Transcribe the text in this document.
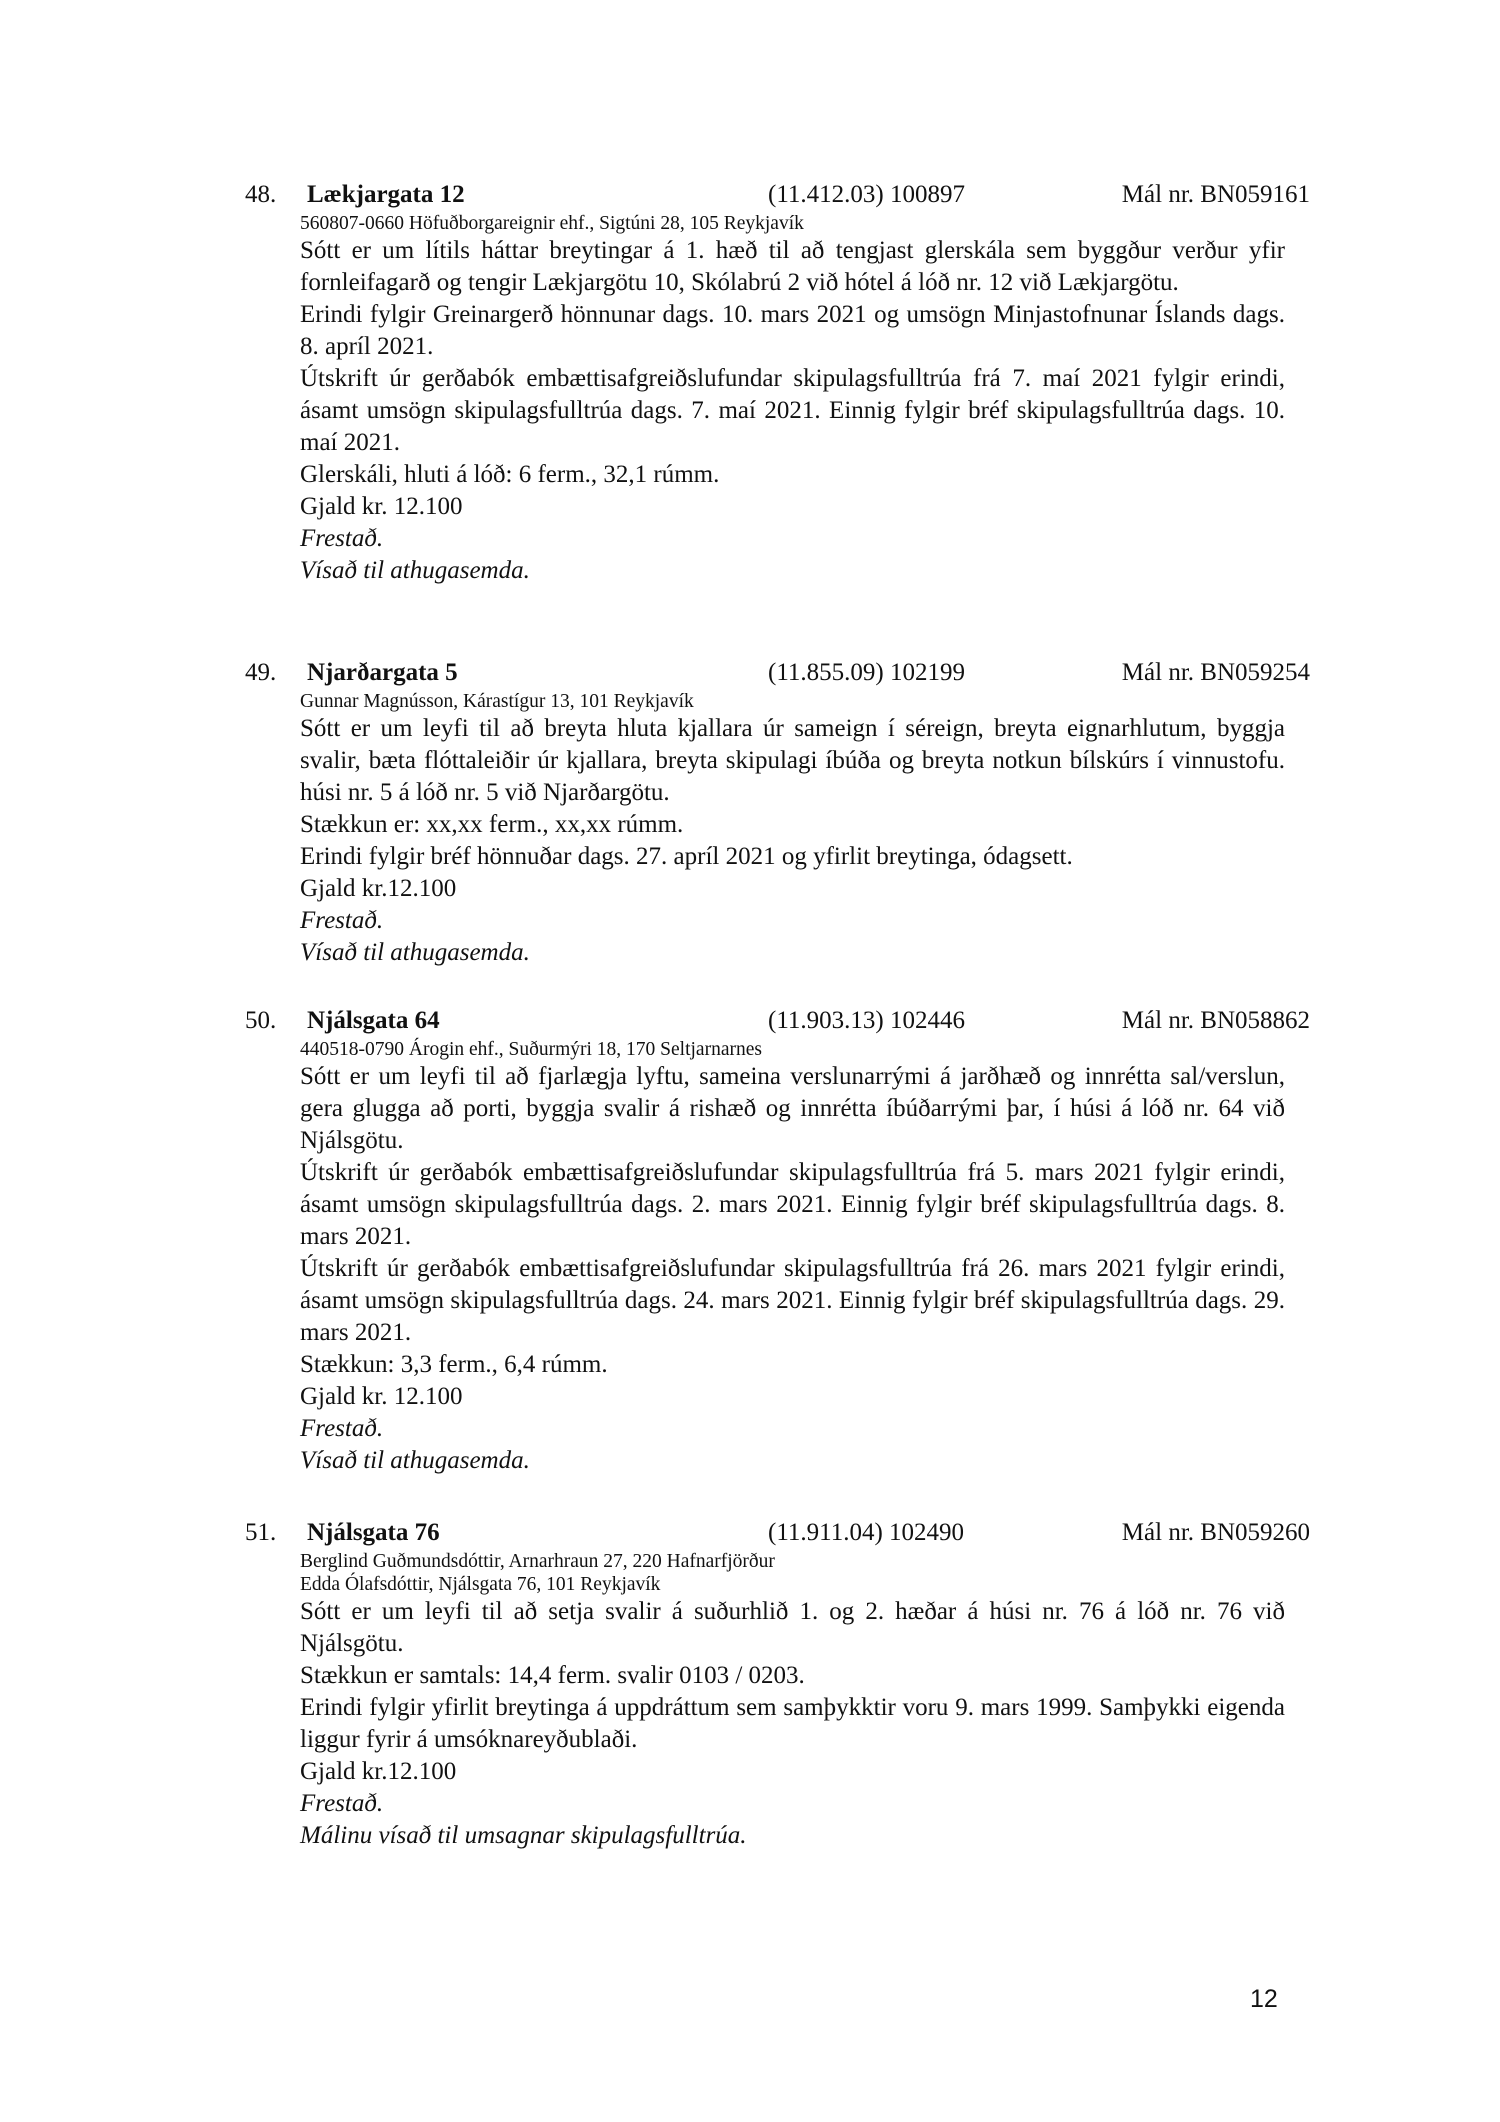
48. Lækjargata 12	(11.412.03) 100897	Mál nr. BN059161
560807-0660 Höfuðborgareignir ehf., Sigtúni 28, 105 Reykjavík
Sótt er um lítils háttar breytingar á 1. hæð til að tengjast glerskála sem byggður verður yfir fornleifagarð og tengir Lækjargötu 10, Skólabrú 2 við hótel á lóð nr. 12 við Lækjargötu.
Erindi fylgir Greinargerð hönnunar dags. 10. mars 2021 og umsögn Minjastofnunar Íslands dags. 8. apríl 2021.
Útskrift úr gerðabók embættisafgreiðslufundar skipulagsfulltrúa frá 7. maí 2021 fylgir erindi, ásamt umsögn skipulagsfulltrúa dags. 7. maí 2021. Einnig fylgir bréf skipulagsfulltrúa dags. 10. maí 2021.
Glerskáli, hluti á lóð: 6 ferm., 32,1 rúmm.
Gjald kr. 12.100
Frestað.
Vísað til athugasemda.
49. Njarðargata 5	(11.855.09) 102199	Mál nr. BN059254
Gunnar Magnússon, Kárastígur 13, 101 Reykjavík
Sótt er um leyfi til að breyta hluta kjallara úr sameign í séreign, breyta eignarhlutum, byggja svalir, bæta flóttaleiðir úr kjallara, breyta skipulagi íbúða og breyta notkun bílskúrs í vinnustofu. húsi nr. 5 á lóð nr. 5 við Njarðargötu.
Stækkun er: xx,xx ferm., xx,xx rúmm.
Erindi fylgir bréf hönnuðar dags. 27. apríl 2021 og yfirlit breytinga, ódagsett.
Gjald kr.12.100
Frestað.
Vísað til athugasemda.
50. Njálsgata 64	(11.903.13) 102446	Mál nr. BN058862
440518-0790 Árogin ehf., Suðurmýri 18, 170 Seltjarnarnes
Sótt er um leyfi til að fjarlægja lyftu, sameina verslunarrými á jarðhæð og innrétta sal/verslun, gera glugga að porti, byggja svalir á rishæð og innrétta íbúðarrými þar, í húsi á lóð nr. 64 við Njálsgötu.
Útskrift úr gerðabók embættisafgreiðslufundar skipulagsfulltrúa frá 5. mars 2021 fylgir erindi, ásamt umsögn skipulagsfulltrúa dags. 2. mars 2021. Einnig fylgir bréf skipulagsfulltrúa dags. 8. mars 2021.
Útskrift úr gerðabók embættisafgreiðslufundar skipulagsfulltrúa frá 26. mars 2021 fylgir erindi, ásamt umsögn skipulagsfulltrúa dags. 24. mars 2021. Einnig fylgir bréf skipulagsfulltrúa dags. 29. mars 2021.
Stækkun: 3,3 ferm., 6,4 rúmm.
Gjald kr. 12.100
Frestað.
Vísað til athugasemda.
51. Njálsgata 76	(11.911.04) 102490	Mál nr. BN059260
Berglind Guðmundsdóttir, Arnarhraun 27, 220 Hafnarfjörður
Edda Ólafsdóttir, Njálsgata 76, 101 Reykjavík
Sótt er um leyfi til að setja svalir á suðurhlið 1. og 2. hæðar á húsi nr. 76 á lóð nr. 76 við Njálsgötu.
Stækkun er samtals: 14,4 ferm. svalir 0103 / 0203.
Erindi fylgir yfirlit breytinga á uppdráttum sem samþykktir voru 9. mars 1999. Samþykki eigenda liggur fyrir á umsóknareyðublaði.
Gjald kr.12.100
Frestað.
Málinu vísað til umsagnar skipulagsfulltrúa.
12
